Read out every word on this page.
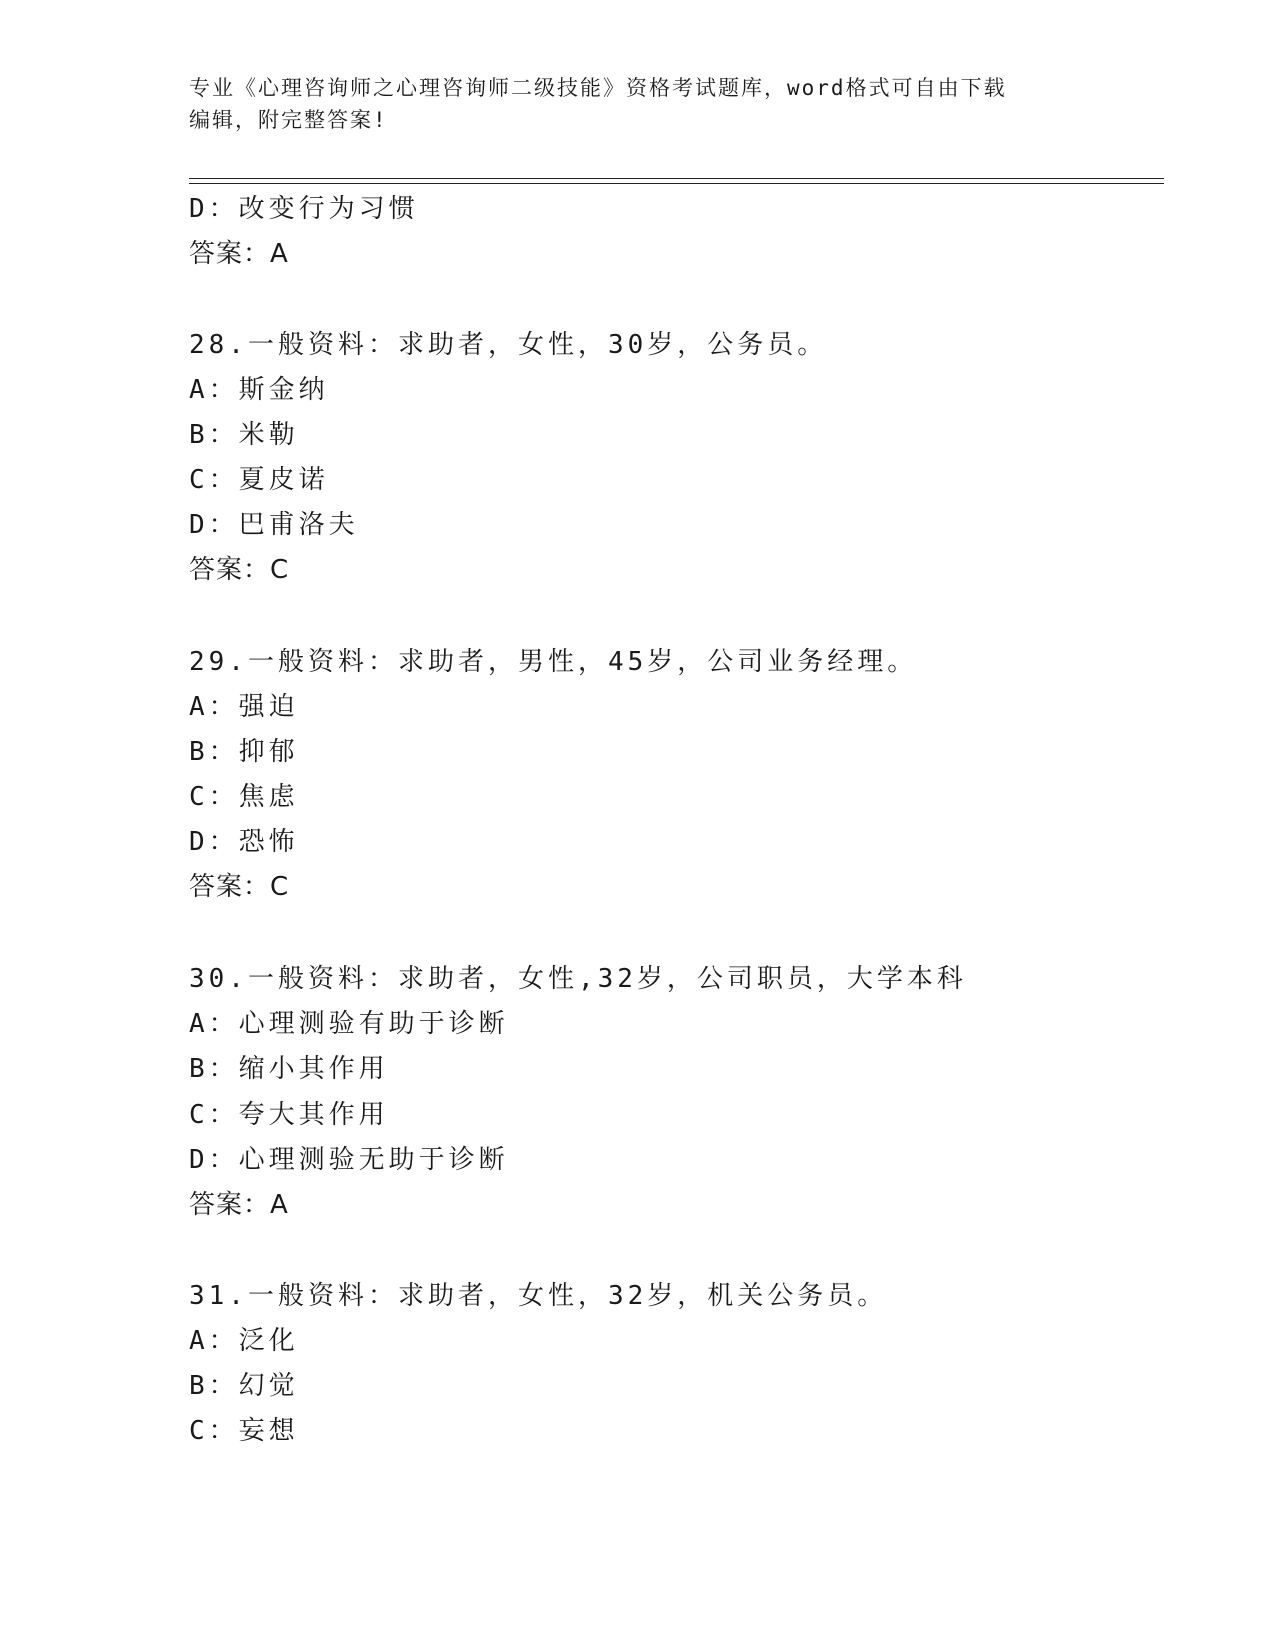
专业《心理咨询师之心理咨询师二级技能》资格考试题库，word格式可自由下载
编辑，附完整答案!
D：改变行为习惯
答案：A
28.一般资料：求助者，女性，30岁，公务员。
A：斯金纳
B：米勒
C：夏皮诺
D：巴甫洛夫
答案：C
29.一般资料：求助者，男性，45岁，公司业务经理。
A：强迫
B：抑郁
C：焦虑
D：恐怖
答案：C
30.一般资料：求助者，女性,32岁，公司职员，大学本科
A：心理测验有助于诊断
B：缩小其作用
C：夸大其作用
D：心理测验无助于诊断
答案：A
31.一般资料：求助者，女性，32岁，机关公务员。
A：泛化
B：幻觉
C：妄想
